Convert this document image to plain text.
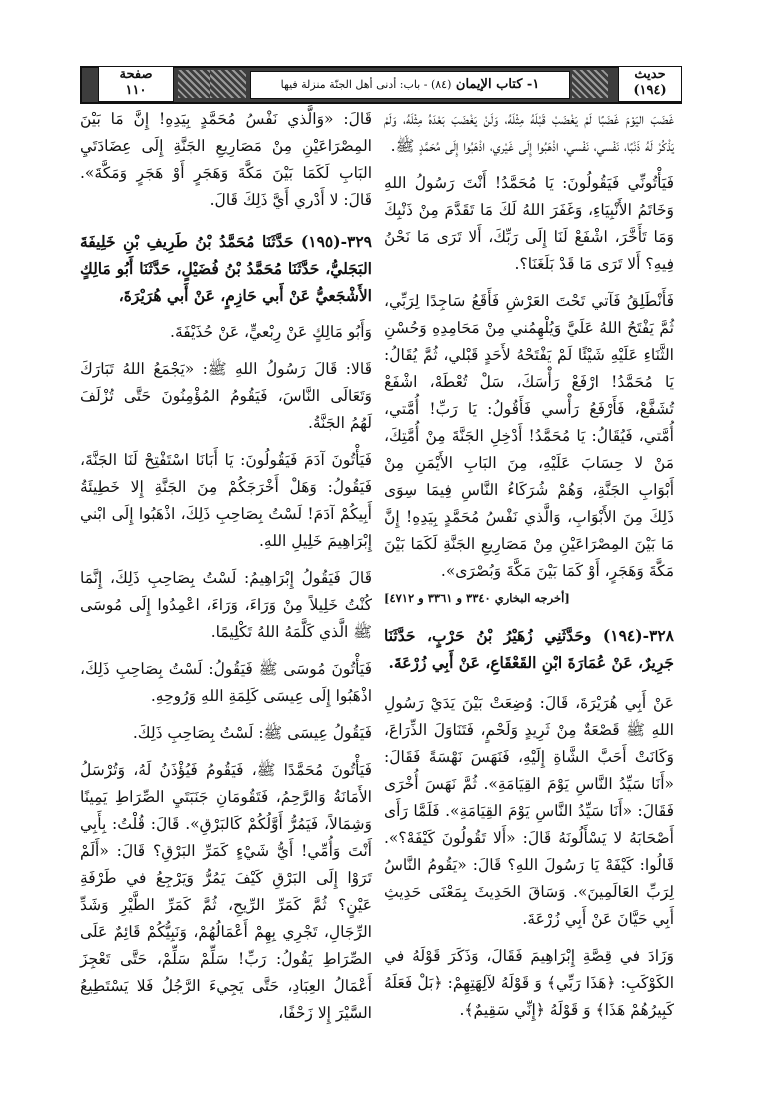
صفحة
١١٠	١- كتاب الإيمان (٨٤) - باب: أدنى أهل الجنّة منزلة فيها
حديث
(١٩٤)

غَضَبَ اليَوْمَ غَضَبًا لَمْ يَغْضَبْ قَبْلَهُ مِثْلَهُ، وَلَنْ يَغْضَبَ بَعْدَهُ مِثْلَهُ، وَلَمْ يَذْكُرْ لَهُ ذَنْبًا، نَفْسي، نَفْسي، اذْهَبُوا إِلَى غَيْري، اذْهَبُوا إِلَى مُحَمَّدٍ ﷺ.

فَيَأْتُونِّي فَيَقُولُونَ: يَا مُحَمَّدُ! أَنْتَ رَسُولُ اللهِ وَخَاتَمُ الأَنْبِيَاءِ، وَغَفَرَ اللهُ لَكَ مَا تَقَدَّمَ مِنْ ذَنْبِكَ وَمَا تَأَخَّرَ، اشْفَعْ لَنَا إِلَى رَبِّكَ، أَلا تَرَى مَا نَحْنُ فِيهِ؟ أَلا تَرَى مَا قَدْ بَلَغَنَا؟.

فَأَنْطَلِقُ فَآتي تَحْتَ العَرْشِ فَأَقَعُ سَاجِدًا لِرَبِّي، ثُمَّ يَفْتَحُ اللهُ عَلَيَّ وَيُلْهِمُني مِنْ مَحَامِدِهِ وَحُسْنِ الثَّنَاءِ عَلَيْهِ شَيْئًا لَمْ يَفْتَحْهُ لأَحَدٍ قَبْلي، ثُمَّ يُقَالُ: يَا مُحَمَّدُ! ارْفَعْ رَأْسَكَ، سَلْ تُعْطَهْ، اشْفَعْ تُشَفَّعْ، فَأَرْفَعُ رَأْسي فَأَقُولُ: يَا رَبِّ! أُمَّتي، أُمَّتي، فَيُقَالُ: يَا مُحَمَّدُ! أَدْخِلِ الجَنَّةَ مِنْ أُمَّتِكَ، مَنْ لا حِسَابَ عَلَيْهِ، مِنَ البَابِ الأَيْمَنِ مِنْ أَبْوَابِ الجَنَّةِ، وَهُمْ شُرَكَاءُ النَّاسِ فِيمَا سِوَى ذَلِكَ مِنَ الأَبْوَابِ، وَالَّذي نَفْسُ مُحَمَّدٍ بِيَدِهِ! إِنَّ مَا بَيْنَ المِصْرَاعَيْنِ مِنْ مَصَارِيعِ الجَنَّةِ لَكَمَا بَيْنَ مَكَّةَ وَهَجَرٍ، أَوْ كَمَا بَيْنَ مَكَّةَ وَبُصْرَى».

[أخرجه البخاري ٣٣٤٠ و ٣٣٦١ و ٤٧١٢]

٣٢٨-(١٩٤) وحَدَّثَنِي زُهَيْرُ بْنُ حَرْبٍ، حَدَّثَنَا جَرِيرٌ، عَنْ عُمَارَةَ ابْنِ القَعْقَاعِ، عَنْ أَبِي زُرْعَةَ.

عَنْ أَبِي هُرَيْرَةَ، قَالَ: وُضِعَتْ بَيْنَ يَدَيْ رَسُولِ اللهِ ﷺ قَصْعَةٌ مِنْ ثَرِيدٍ وَلَحْمٍ، فَتَنَاوَلَ الذِّرَاعَ، وَكَانَتْ أَحَبَّ الشَّاةِ إِلَيْهِ، فَنَهَسَ نَهْسَةً فَقَالَ: «أَنَا سَيِّدُ النَّاسِ يَوْمَ القِيَامَةِ». ثُمَّ نَهَسَ أُخْرَى فَقَالَ: «أَنَا سَيِّدُ النَّاسِ يَوْمَ القِيَامَةِ». فَلَمَّا رَأَى أَصْحَابَهُ لا يَسْأَلُونَهُ قَالَ: «أَلا تَقُولُونَ كَيْفَهْ؟». قَالُوا: كَيْفَهْ يَا رَسُولَ اللهِ؟ قَالَ: «يَقُومُ النَّاسُ لِرَبِّ العَالَمِينَ». وَسَاقَ الحَدِيثَ بِمَعْنَى حَدِيثِ أَبِي حَيَّانَ عَنْ أَبِي زُرْعَةَ.

وَزَادَ في قِصَّةِ إِبْرَاهِيمَ فَقَالَ، وَذَكَرَ قَوْلَهُ في الكَوْكَبِ: ﴿هَذَا رَبِّي﴾ وَ قَوْلَهُ لآلِهَتِهِمْ: ﴿بَلْ فَعَلَهُ كَبِيرُهُمْ هَذَا﴾ وَ قَوْلَهُ ﴿إِنِّي سَقِيمٌ﴾.

قَالَ: «وَالَّذي نَفْسُ مُحَمَّدٍ بِيَدِهِ! إِنَّ مَا بَيْنَ المِصْرَاعَيْنِ مِنْ مَصَارِيعِ الجَنَّةِ إِلَى عِضَادَتَيِ البَابِ لَكَمَا بَيْنَ مَكَّةَ وَهَجَرٍ أَوْ هَجَرٍ وَمَكَّةَ». قَالَ: لا أَدْري أَيَّ ذَلِكَ قَالَ.

٣٢٩-(١٩٥) حَدَّثَنَا مُحَمَّدُ بْنُ طَرِيفِ بْنِ خَلِيفَةَ البَجَليُّ، حَدَّثَنَا مُحَمَّدُ بْنُ فُضَيْلٍ، حَدَّثَنَا أَبُو مَالِكٍ الأَشْجَعيُّ عَنْ أَبي حَازِمٍ، عَنْ أَبي هُرَيْرَةَ،

وَأَبُو مَالِكٍ عَنْ رِبْعيٍّ، عَنْ حُذَيْفَةَ.

قَالا: قَالَ رَسُولُ اللهِ ﷺ: «يَجْمَعُ اللهُ تَبَارَكَ وَتَعَالَى النَّاسَ، فَيَقُومُ المُؤْمِنُونَ حَتَّى تُزْلَفَ لَهُمُ الجَنَّةُ.

فَيَأْتُونَ آدَمَ فَيَقُولُونَ: يَا أَبَانَا اسْتَفْتِحْ لَنَا الجَنَّةَ، فَيَقُولُ: وَهَلْ أَخْرَجَكُمْ مِنَ الجَنَّةِ إِلا خَطِيئَةُ أَبِيكُمْ آدَمَ! لَسْتُ بِصَاحِبِ ذَلِكَ، اذْهَبُوا إِلَى ابْني إِبْرَاهِيمَ خَلِيلِ اللهِ.

قَالَ فَيَقُولُ إِبْرَاهِيمُ: لَسْتُ بِصَاحِبِ ذَلِكَ، إِنَّمَا كُنْتُ خَلِيلاً مِنْ وَرَاءَ، وَرَاءَ، اعْمِدُوا إِلَى مُوسَى ﷺ الَّذي كَلَّمَهُ اللهُ تَكْلِيمًا.

فَيَأْتُونَ مُوسَى ﷺ فَيَقُولُ: لَسْتُ بِصَاحِبِ ذَلِكَ، اذْهَبُوا إِلَى عِيسَى كَلِمَةِ اللهِ وَرُوحِهِ.

فَيَقُولُ عِيسَى ﷺ: لَسْتُ بِصَاحِبِ ذَلِكَ.

فَيَأْتُونَ مُحَمَّدًا ﷺ، فَيَقُومُ فَيُؤْذَنُ لَهُ، وَتُرْسَلُ الأَمَانَةُ وَالرَّحِمُ، فَتَقُومَانِ جَنَبَتَيِ الصِّرَاطِ يَمِينًا وَشِمَالاً، فَيَمُرُّ أَوَّلُكُمْ كَالبَرْقِ». قَالَ: قُلْتُ: بِأَبِي أَنْتَ وَأُمِّي! أَيُّ شَيْءٍ كَمَرِّ البَرْقِ؟ قَالَ: «أَلَمْ تَرَوْا إِلَى البَرْقِ كَيْفَ يَمُرُّ وَيَرْجِعُ في طَرْفَةِ عَيْنٍ؟ ثُمَّ كَمَرِّ الرِّيحِ، ثُمَّ كَمَرِّ الطَّيْرِ وَشَدِّ الرِّجَالِ، تَجْرِي بِهِمْ أَعْمَالُهُمْ، وَنَبِيُّكُمْ قَائِمٌ عَلَى الصِّرَاطِ يَقُولُ: رَبِّ! سَلِّمْ سَلِّمْ، حَتَّى تَعْجِزَ أَعْمَالُ العِبَادِ، حَتَّى يَجِيءَ الرَّجُلُ فَلا يَسْتَطِيعُ السَّيْرَ إِلا زَحْفًا،
